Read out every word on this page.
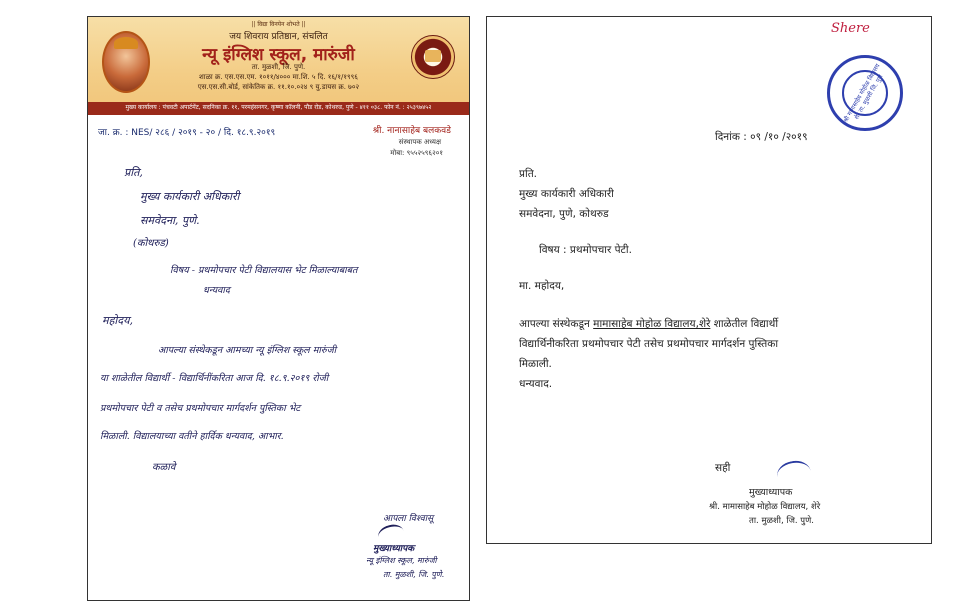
|| विद्या विनयेन शोभते ||
जय शिवराय प्रतिष्ठान, संचलित
न्यू इंग्लिश स्कूल, मारुंजी
ता. मुळशी, जि. पुणे.
शाळा क्र. एस.एस.एम. १०११/४००० मा.शि. ५ दि. १६/१/१९९६
एस.एस.सी.बोर्ड, सांकेतिक क्र. ११.१०.०२४ ९ यु.डायस क्र. ७०२
मुख्य कार्यालय : पंचवटी अपार्टमेंट, सदनिका क्र. ११, परमहंसनगर, कृष्णा कॉलनी, पौड रोड, कोथरुड, पुणे - ४११ ०३८. फोन नं. : २५३९७४५२
जा. क्र. : NES/ २८६ / २०१९ - २० / दि. १८.९.२०१९	श्री. नानासाहेब बलकवडे
संस्थापक अध्यक्ष
मोबा: ९५५२५९६२०१
प्रति,
मुख्य कार्यकारी अधिकारी
समवेदना, पुणे.
(कोथरुड)
विषय - प्रथमोपचार पेटी विद्यालयास भेट मिळाल्याबाबत
धन्यवाद
महोदय,
आपल्या संस्थेकडून आमच्या न्यू इंग्लिश स्कूल मारुंजी
या शाळेतील विद्यार्थी - विद्यार्थिनींकरिता आज दि. १८.९.२०१९ रोजी
प्रथमोपचार पेटी व तसेच प्रथमोपचार मार्गदर्शन पुस्तिका भेट
मिळाली. विद्यालयाच्या वतीने हार्दिक धन्यवाद, आभार.
कळावे
आपला विश्वासू
मुख्याध्यापक
न्यू इंग्लिश स्कूल, मारुंजी
ता. मुळशी, जि. पुणे.
Shere
श्री मामासाहेब मोहोळ विद्यालय शेरे ता. मुळशी जि. पुणे
दिनांक : ०९ /१० /२०१९
प्रति.
मुख्य कार्यकारी अधिकारी
समवेदना, पुणे, कोथरुड
विषय : प्रथमोपचार पेटी.
मा. महोदय,
आपल्या संस्थेकडून मामासाहेब मोहोळ विद्यालय,शेरे शाळेतील विद्यार्थी
विद्यार्थिनीकरिता प्रथमोपचार पेटी तसेच प्रथमोपचार मार्गदर्शन पुस्तिका
मिळाली.
धन्यवाद.
सही
मुख्याध्यापक
श्री. मामासाहेब मोहोळ विद्यालय, शेरे
ता. मुळशी, जि. पुणे.
